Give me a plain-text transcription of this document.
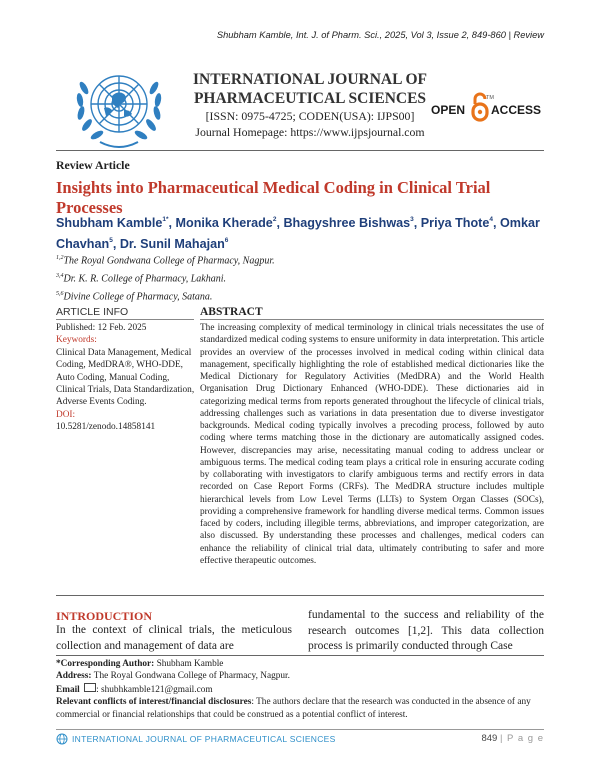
Shubham Kamble, Int. J. of Pharm. Sci., 2025, Vol 3, Issue 2, 849-860 | Review
INTERNATIONAL JOURNAL OF
PHARMACEUTICAL SCIENCES
[ISSN: 0975-4725; CODEN(USA): IJPS00]
Journal Homepage: https://www.ijpsjournal.com
OPEN
TM
ACCESS
Review Article
Insights into Pharmaceutical Medical Coding in Clinical Trial Processes
Shubham Kamble$^{1*}$, Monika Kherade$^2$, Bhagyshree Bishwas$^3$, Priya Thote$^4$, Omkar Chavhan$^5$, Dr. Sunil Mahajan$^6$
$^{1,2}$The Royal Gondwana College of Pharmacy, Nagpur.
$^{3,4}$Dr. K. R. College of Pharmacy, Lakhani.
$^{5,6}$Divine College of Pharmacy, Satana.
ARTICLE INFO	ABSTRACT
Published: 12 Feb. 2025
Keywords:
Clinical Data Management, Medical Coding, MedDRA®, WHO-DDE, Auto Coding, Manual Coding, Clinical Trials, Data Standardization, Adverse Events Coding.
DOI:
10.5281/zenodo.14858141
The increasing complexity of medical terminology in clinical trials necessitates the use of standardized medical coding systems to ensure uniformity in data interpretation. This article provides an overview of the processes involved in medical coding within clinical data management, specifically highlighting the role of established medical dictionaries like the Medical Dictionary for Regulatory Activities (MedDRA) and the World Health Organisation Drug Dictionary Enhanced (WHO-DDE). These dictionaries aid in categorizing medical terms from reports generated throughout the lifecycle of clinical trials, addressing challenges such as variations in data presentation due to diverse investigator backgrounds. Medical coding typically involves a precoding process, followed by auto coding where terms matching those in the dictionary are automatically assigned codes. However, discrepancies may arise, necessitating manual coding to address unclear or ambiguous terms. The medical coding team plays a critical role in ensuring accurate coding by collaborating with investigators to clarify ambiguous terms and rectify errors in data recorded on Case Report Forms (CRFs). The MedDRA structure includes multiple hierarchical levels from Low Level Terms (LLTs) to System Organ Classes (SOCs), providing a comprehensive framework for handling diverse medical terms. Common issues faced by coders, including illegible terms, abbreviations, and improper categorization, are also discussed. By understanding these processes and challenges, medical coders can enhance the reliability of clinical trial data, ultimately contributing to safer and more effective therapeutic outcomes.
INTRODUCTION
In the context of clinical trials, the meticulous collection and management of data are
fundamental to the success and reliability of the research outcomes [1,2]. This data collection process is primarily conducted through Case
*Corresponding Author: Shubham Kamble
Address: The Royal Gondwana College of Pharmacy, Nagpur.
Email : shubhkamble121@gmail.com
Relevant conflicts of interest/financial disclosures: The authors declare that the research was conducted in the absence of any commercial or financial relationships that could be construed as a potential conflict of interest.
INTERNATIONAL JOURNAL OF PHARMACEUTICAL SCIENCES	849 | P a g e
